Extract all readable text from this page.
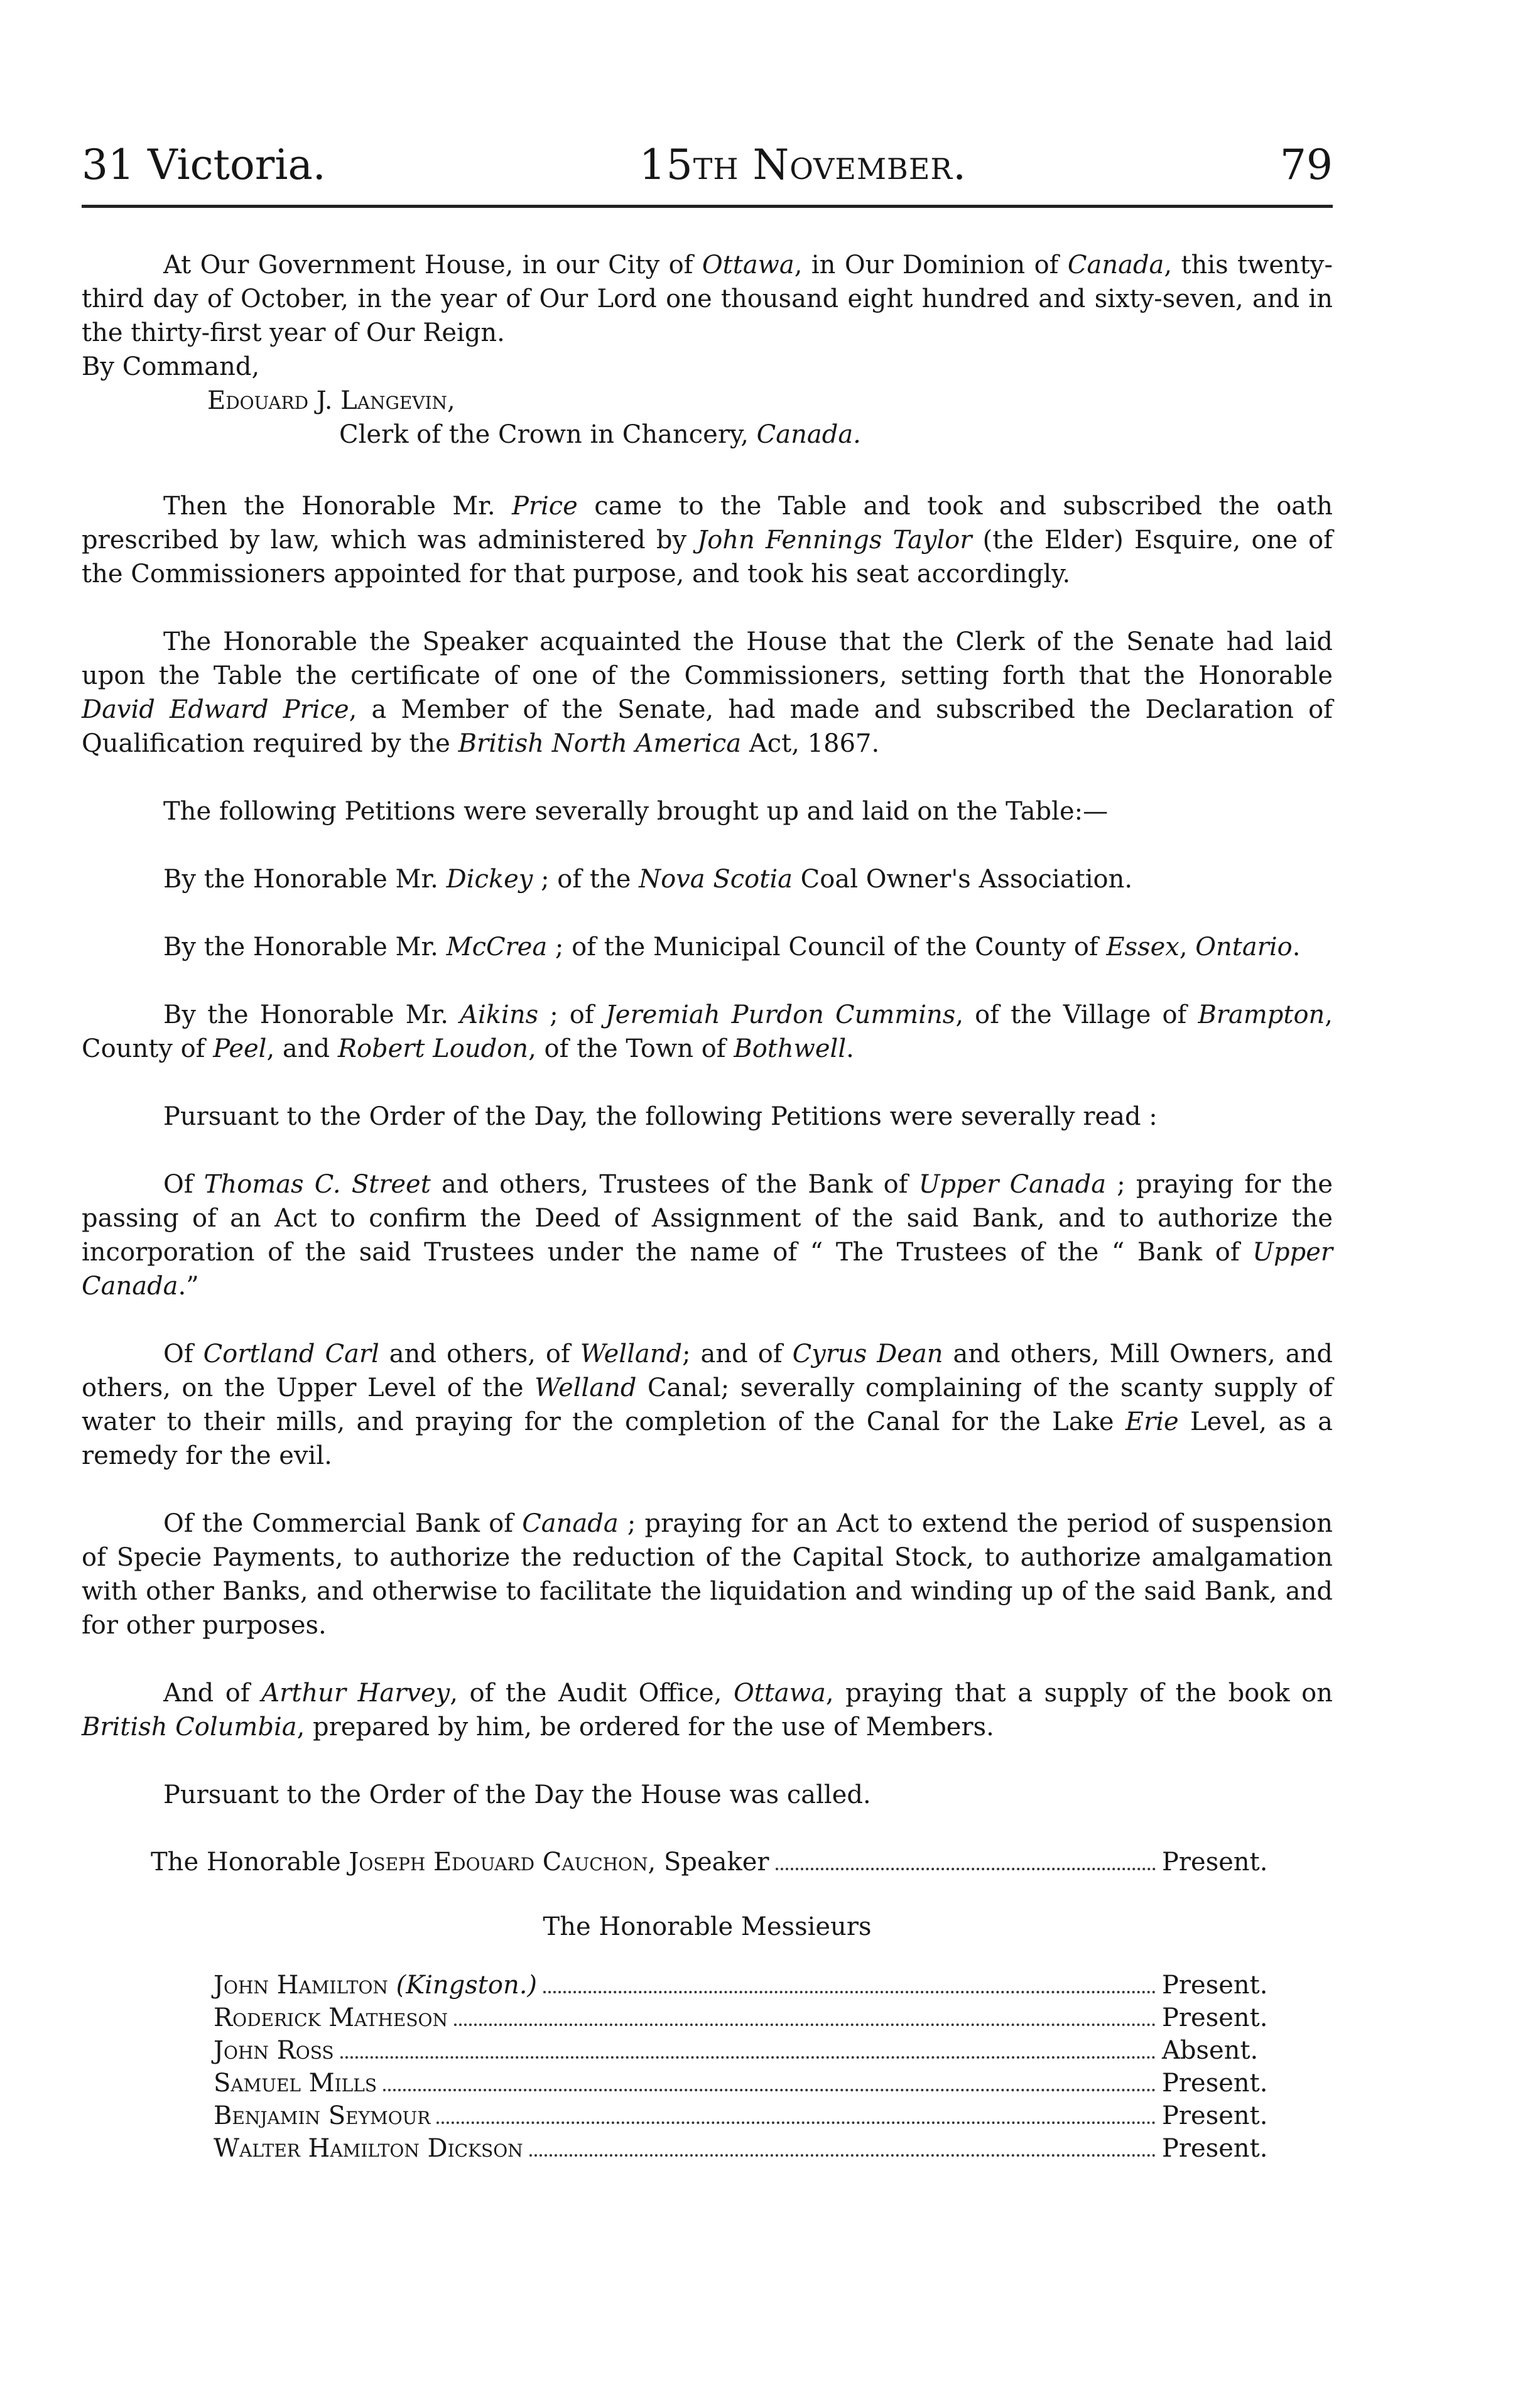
31 Victoria.	15th November.	79

At Our Government House, in our City of Ottawa, in Our Dominion of Canada, this twenty-third day of October, in the year of Our Lord one thousand eight hundred and sixty-seven, and in the thirty-first year of Our Reign.

By Command,
Edouard J. Langevin,
Clerk of the Crown in Chancery, Canada.

Then the Honorable Mr. Price came to the Table and took and subscribed the oath prescribed by law, which was administered by John Fennings Taylor (the Elder) Esquire, one of the Commissioners appointed for that purpose, and took his seat accordingly.

The Honorable the Speaker acquainted the House that the Clerk of the Senate had laid upon the Table the certificate of one of the Commissioners, setting forth that the Honorable David Edward Price, a Member of the Senate, had made and subscribed the Declaration of Qualification required by the British North America Act, 1867.

The following Petitions were severally brought up and laid on the Table:—

By the Honorable Mr. Dickey ; of the Nova Scotia Coal Owner's Association.

By the Honorable Mr. McCrea ; of the Municipal Council of the County of Essex, Ontario.

By the Honorable Mr. Aikins ; of Jeremiah Purdon Cummins, of the Village of Brampton, County of Peel, and Robert Loudon, of the Town of Bothwell.

Pursuant to the Order of the Day, the following Petitions were severally read :

Of Thomas C. Street and others, Trustees of the Bank of Upper Canada ; praying for the passing of an Act to confirm the Deed of Assignment of the said Bank, and to authorize the incorporation of the said Trustees under the name of “ The Trustees of the “ Bank of Upper Canada.”

Of Cortland Carl and others, of Welland; and of Cyrus Dean and others, Mill Owners, and others, on the Upper Level of the Welland Canal; severally complaining of the scanty supply of water to their mills, and praying for the completion of the Canal for the Lake Erie Level, as a remedy for the evil.

Of the Commercial Bank of Canada ; praying for an Act to extend the period of suspension of Specie Payments, to authorize the reduction of the Capital Stock, to authorize amalgamation with other Banks, and otherwise to facilitate the liquidation and winding up of the said Bank, and for other purposes.

And of Arthur Harvey, of the Audit Office, Ottawa, praying that a supply of the book on British Columbia, prepared by him, be ordered for the use of Members.

Pursuant to the Order of the Day the House was called.

The Honorable Joseph Edouard Cauchon, Speaker	Present.
The Honorable Messieurs
John Hamilton (Kingston.)	Present.
Roderick Matheson	Present.
John Ross	Absent.
Samuel Mills	Present.
Benjamin Seymour	Present.
Walter Hamilton Dickson	Present.
